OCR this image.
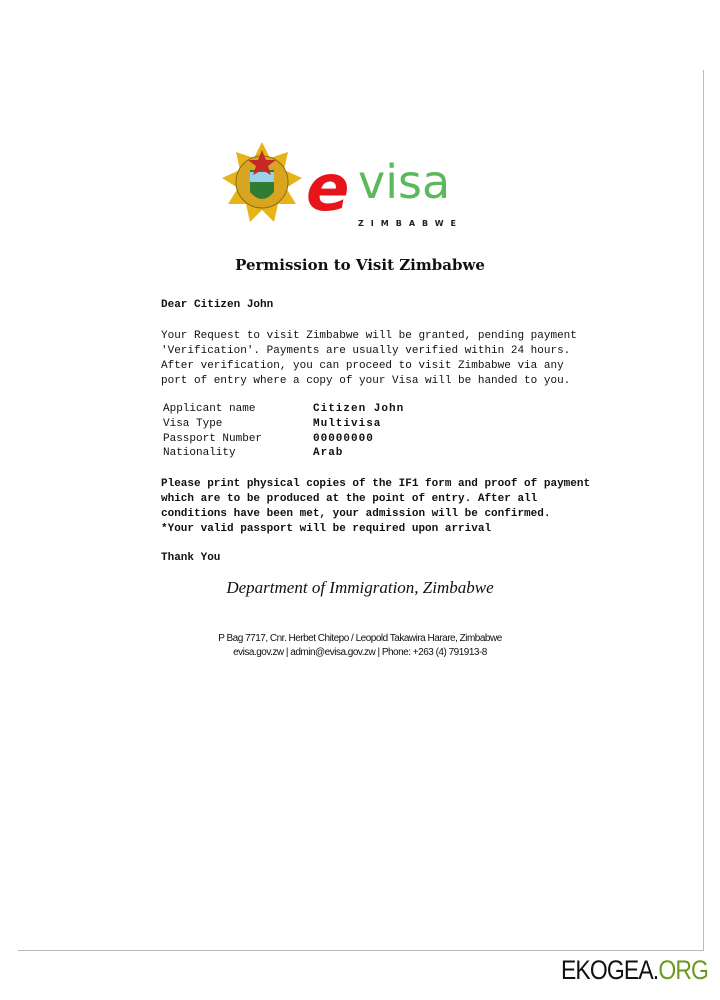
e visa
ZIMBABWE
Permission to Visit Zimbabwe
Dear Citizen John
Your Request to visit Zimbabwe will be granted, pending payment
'Verification'. Payments are usually verified within 24 hours.
After verification, you can proceed to visit Zimbabwe via any
port of entry where a copy of your Visa will be handed to you.
Applicant name	Citizen John
Visa Type	Multivisa
Passport Number	00000000
Nationality	Arab
Please print physical copies of the IF1 form and proof of payment
which are to be produced at the point of entry. After all
conditions have been met, your admission will be confirmed.
*Your valid passport will be required upon arrival
Thank You
Department of Immigration, Zimbabwe
P Bag 7717, Cnr. Herbet Chitepo / Leopold Takawira Harare, Zimbabwe
evisa.gov.zw | admin@evisa.gov.zw | Phone: +263 (4) 791913-8
EKOGEA.ORG
